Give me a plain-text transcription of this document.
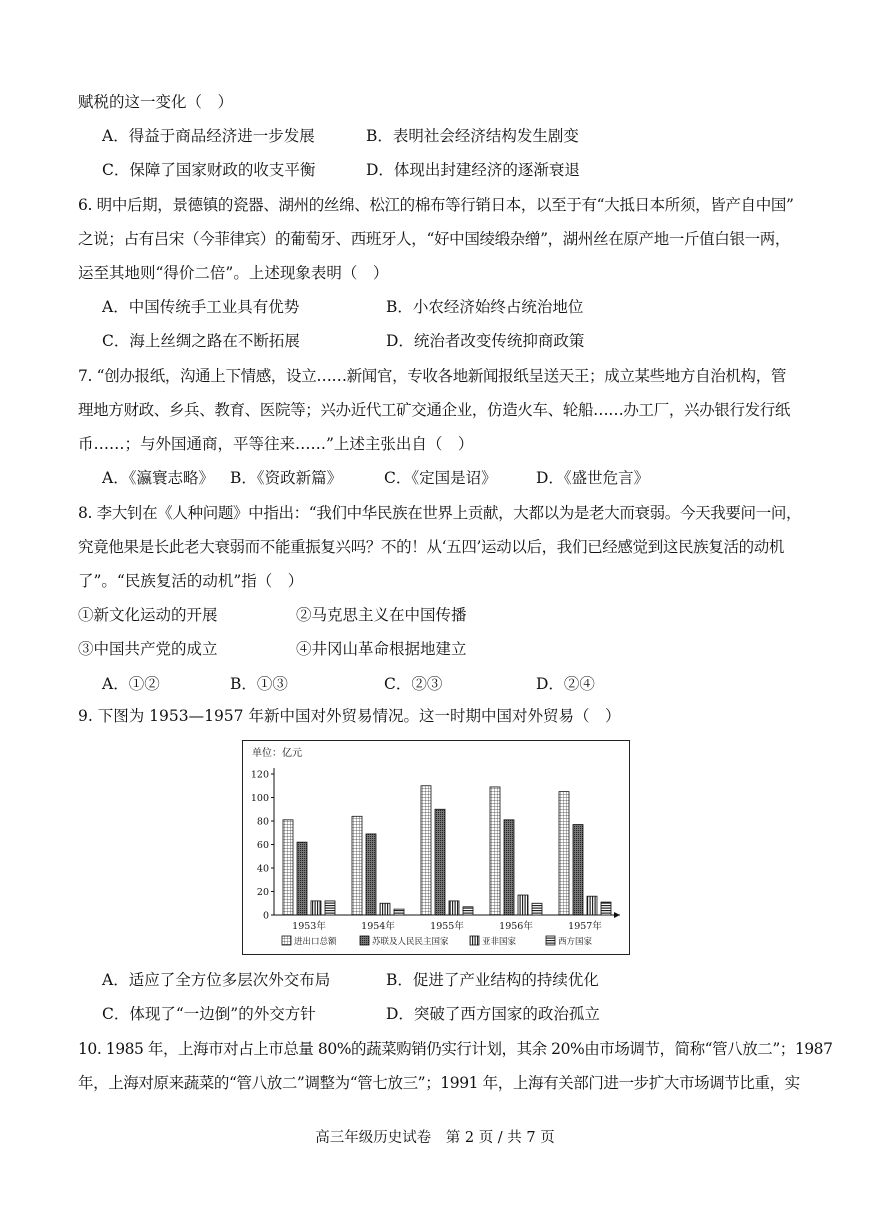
赋税的这一变化（　）
A．得益于商品经济进一步发展	B．表明社会经济结构发生剧变
C．保障了国家财政的收支平衡	D．体现出封建经济的逐渐衰退
6. 明中后期，景德镇的瓷器、湖州的丝绵、松江的棉布等行销日本，以至于有“大抵日本所须，皆产自中国”
之说；占有吕宋（今菲律宾）的葡萄牙、西班牙人，“好中国绫缎杂缯”，湖州丝在原产地一斤值白银一两，
运至其地则“得价二倍”。上述现象表明（　）
A．中国传统手工业具有优势	B．小农经济始终占统治地位
C．海上丝绸之路在不断拓展	D．统治者改变传统抑商政策
7. “创办报纸，沟通上下情感，设立……新闻官，专收各地新闻报纸呈送天王；成立某些地方自治机构，管
理地方财政、乡兵、教育、医院等；兴办近代工矿交通企业，仿造火车、轮船……办工厂，兴办银行发行纸
币……；与外国通商，平等往来……”上述主张出自（　）
A．《瀛寰志略》 B．《资政新篇》	C．《定国是诏》	D．《盛世危言》
8. 李大钊在《人种问题》中指出：“我们中华民族在世界上贡献，大都以为是老大而衰弱。今天我要问一问，
究竟他果是长此老大衰弱而不能重振复兴吗？不的！从‘五四’运动以后，我们已经感觉到这民族复活的动机
了”。“民族复活的动机”指（　）
①新文化运动的开展	②马克思主义在中国传播
③中国共产党的成立	④井冈山革命根据地建立
A．①②	B．①③	C．②③	D．②④
9. 下图为 1953—1957 年新中国对外贸易情况。这一时期中国对外贸易（　）
单位：亿元
0
20
40
60
80
100
120
1953年	1954年	1955年	1956年	1957年
进出口总额	苏联及人民民主国家	亚非国家	西方国家
A．适应了全方位多层次外交布局	B．促进了产业结构的持续优化
C．体现了“一边倒”的外交方针	D．突破了西方国家的政治孤立
10. 1985 年，上海市对占上市总量 80%的蔬菜购销仍实行计划，其余 20%由市场调节，简称“管八放二”；1987
年，上海对原来蔬菜的“管八放二”调整为“管七放三”；1991 年，上海有关部门进一步扩大市场调节比重，实
高三年级历史试卷　第 2 页 / 共 7 页
